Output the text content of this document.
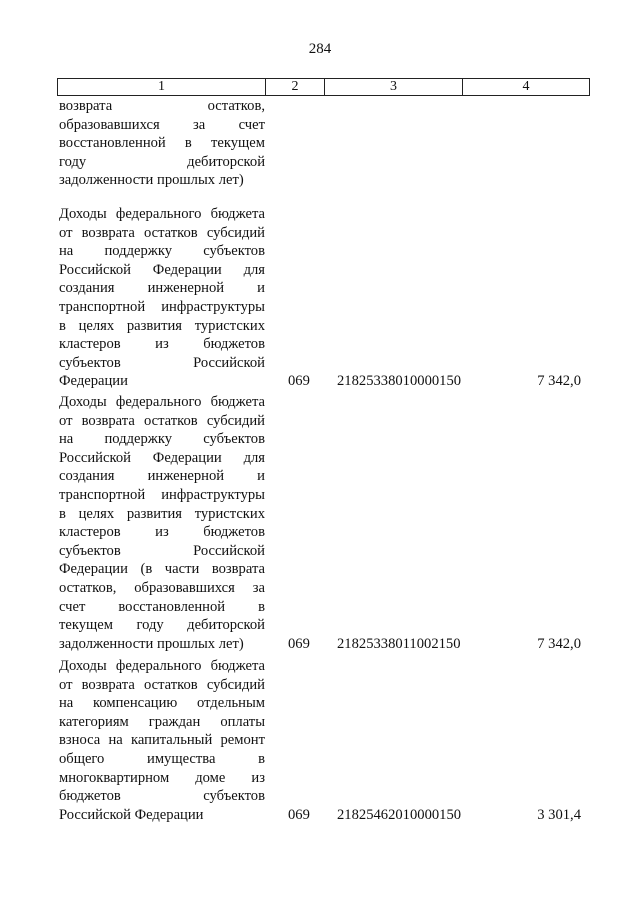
284
1	2	3	4
возврата остатков,
образовавшихся за счет
восстановленной в текущем
году дебиторской
задолженности прошлых лет)
Доходы федерального бюджета
от возврата остатков субсидий
на поддержку субъектов
Российской Федерации для
создания инженерной и
транспортной инфраструктуры
в целях развития туристских
кластеров из бюджетов
субъектов Российской
Федерации	069 21825338010000150	7 342,0
Доходы федерального бюджета
от возврата остатков субсидий
на поддержку субъектов
Российской Федерации для
создания инженерной и
транспортной инфраструктуры
в целях развития туристских
кластеров из бюджетов
субъектов Российской
Федерации (в части возврата
остатков, образовавшихся за
счет восстановленной в
текущем году дебиторской
задолженности прошлых лет)	069 21825338011002150	7 342,0
Доходы федерального бюджета
от возврата остатков субсидий
на компенсацию отдельным
категориям граждан оплаты
взноса на капитальный ремонт
общего имущества в
многоквартирном доме из
бюджетов субъектов
Российской Федерации	069 21825462010000150	3 301,4
